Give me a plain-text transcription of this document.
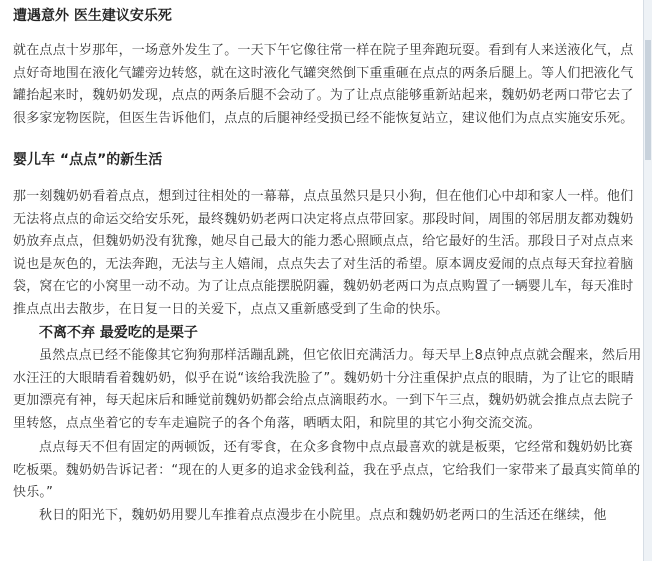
遭遇意外 医生建议安乐死

就在点点十岁那年，一场意外发生了。一天下午它像往常一样在院子里奔跑玩耍。看到有人来送液化气，点点好奇地围在液化气罐旁边转悠，就在这时液化气罐突然倒下重重砸在点点的两条后腿上。等人们把液化气罐抬起来时，魏奶奶发现，点点的两条后腿不会动了。为了让点点能够重新站起来，魏奶奶老两口带它去了很多家宠物医院，但医生告诉他们，点点的后腿神经受损已经不能恢复站立，建议他们为点点实施安乐死。

婴儿车 “点点”的新生活

那一刻魏奶奶看着点点，想到过往相处的一幕幕，点点虽然只是只小狗，但在他们心中却和家人一样。他们无法将点点的命运交给安乐死，最终魏奶奶老两口决定将点点带回家。那段时间，周围的邻居朋友都劝魏奶奶放弃点点，但魏奶奶没有犹豫，她尽自己最大的能力悉心照顾点点，给它最好的生活。那段日子对点点来说也是灰色的，无法奔跑，无法与主人嬉闹，点点失去了对生活的希望。原本调皮爱闹的点点每天耷拉着脑袋，窝在它的小窝里一动不动。为了让点点能摆脱阴霾，魏奶奶老两口为点点购置了一辆婴儿车，每天准时推点点出去散步，在日复一日的关爱下，点点又重新感受到了生命的快乐。

不离不弃 最爱吃的是栗子

虽然点点已经不能像其它狗狗那样活蹦乱跳，但它依旧充满活力。每天早上8点钟点点就会醒来，然后用水汪汪的大眼睛看着魏奶奶，似乎在说“该给我洗脸了”。魏奶奶十分注重保护点点的眼睛，为了让它的眼睛更加漂亮有神，每天起床后和睡觉前魏奶奶都会给点点滴眼药水。一到下午三点，魏奶奶就会推点点去院子里转悠，点点坐着它的专车走遍院子的各个角落，晒晒太阳，和院里的其它小狗交流交流。

点点每天不但有固定的两顿饭，还有零食，在众多食物中点点最喜欢的就是板栗，它经常和魏奶奶比赛吃板栗。魏奶奶告诉记者：“现在的人更多的追求金钱利益，我在乎点点，它给我们一家带来了最真实简单的快乐。”

秋日的阳光下，魏奶奶用婴儿车推着点点漫步在小院里。点点和魏奶奶老两口的生活还在继续，他
